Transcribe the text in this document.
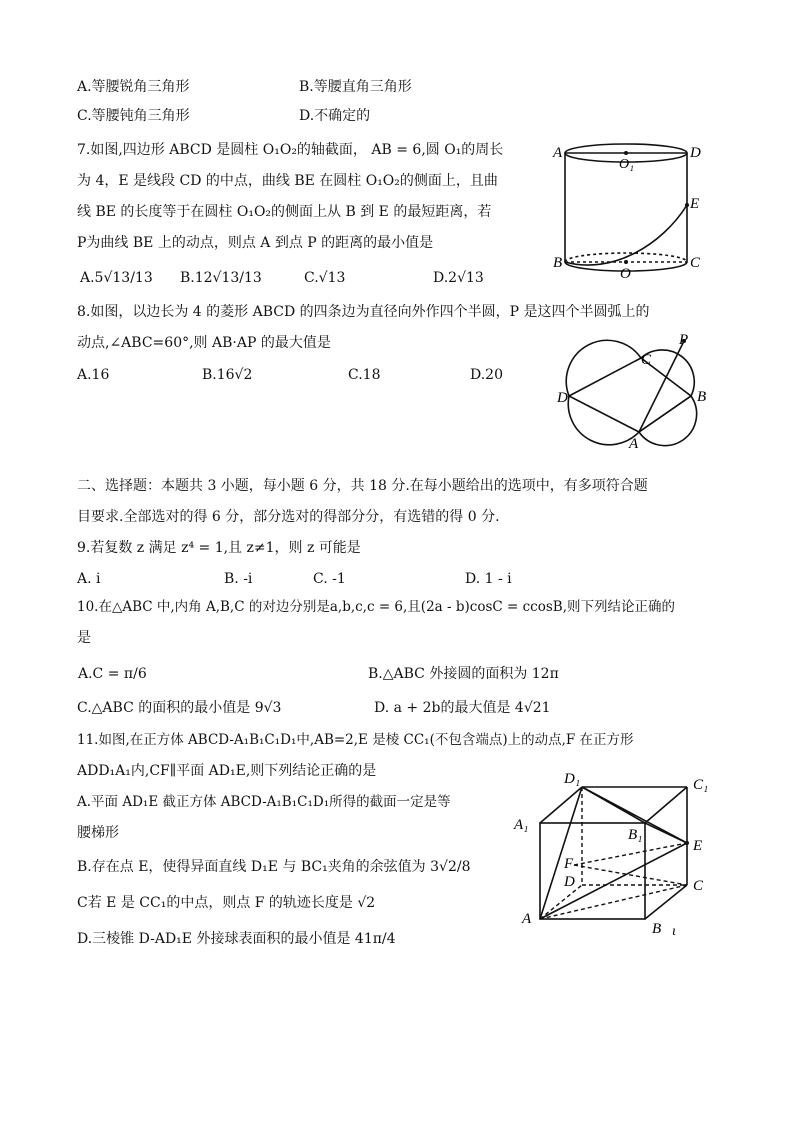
A.等腰锐角三角形	B.等腰直角三角形
C.等腰钝角三角形	D.不确定的
7.如图,四边形 ABCD 是圆柱 O₁O₂的轴截面， AB = 6,圆 O₁的周长
为 4，E 是线段 CD 的中点，曲线 BE 在圆柱 O₁O₂的侧面上，且曲
线 BE 的长度等于在圆柱 O₁O₂的侧面上从 B 到 E 的最短距离，若
P为曲线 BE 上的动点，则点 A 到点 P 的距离的最小值是
A.5√13/13 B.12√13/13	C.√13	D.2√13
A
O₁
D
E
B
O
C
8.如图，以边长为 4 的菱形 ABCD 的四条边为直径向外作四个半圆，P 是这四个半圆弧上的
动点,∠ABC=60°,则 AB·AP 的最大值是
A.16	B.16√2	C.18	D.20
P
C
D	B
A
二、选择题：本题共 3 小题，每小题 6 分，共 18 分.在每小题给出的选项中，有多项符合题
目要求.全部选对的得 6 分，部分选对的得部分分，有选错的得 0 分.
9.若复数 z 满足 z⁴ = 1,且 z≠1，则 z 可能是
A. i	B. -i	C. -1	D. 1 - i
10.在△ABC 中,内角 A,B,C 的对边分别是a,b,c,c = 6,且(2a - b)cosC = ccosB,则下列结论正确的
是
A.C = π/6	B.△ABC 外接圆的面积为 12π
C.△ABC 的面积的最小值是 9√3	D. a + 2b的最大值是 4√21
11.如图,在正方体 ABCD-A₁B₁C₁D₁中,AB=2,E 是棱 CC₁(不包含端点)上的动点,F 在正方形
ADD₁A₁内,CF∥平面 AD₁E,则下列结论正确的是
A.平面 AD₁E 截正方体 ABCD-A₁B₁C₁D₁所得的截面一定是等
腰梯形
B.存在点 E，使得异面直线 D₁E 与 BC₁夹角的余弦值为 3√2/8
C若 E 是 CC₁的中点，则点 F 的轨迹长度是 √2
D.三棱锥 D-AD₁E 外接球表面积的最小值是 41π/4
D₁	C₁
A₁
B₁
E
F
D	C
A
B ι
